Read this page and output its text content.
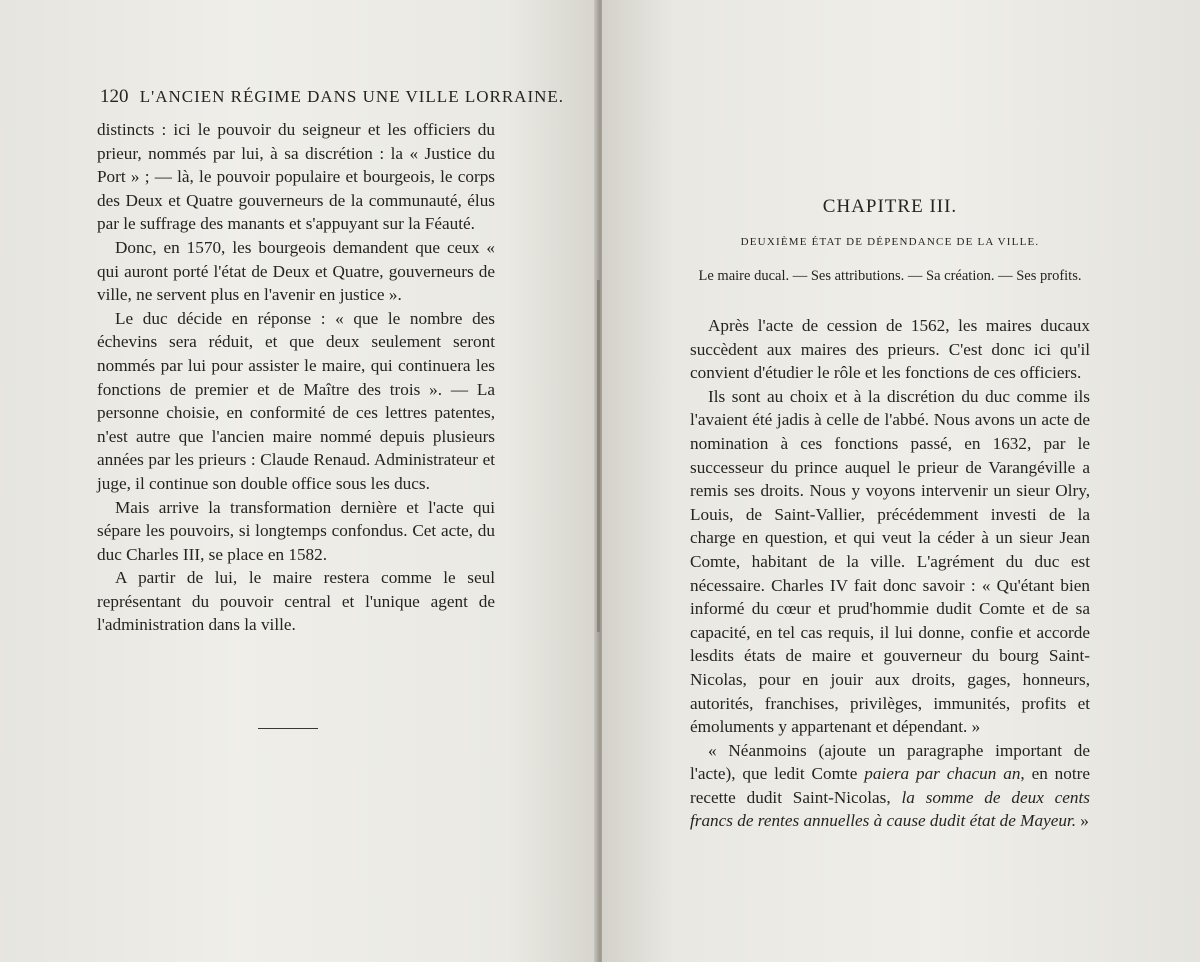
120 L'ANCIEN RÉGIME DANS UNE VILLE LORRAINE.

distincts : ici le pouvoir du seigneur et les officiers du prieur, nommés par lui, à sa discrétion : la « Justice du Port » ; — là, le pouvoir populaire et bourgeois, le corps des Deux et Quatre gouverneurs de la communauté, élus par le suffrage des manants et s'appuyant sur la Féauté.

Donc, en 1570, les bourgeois demandent que ceux « qui auront porté l'état de Deux et Quatre, gouverneurs de ville, ne servent plus en l'avenir en justice ».

Le duc décide en réponse : « que le nombre des échevins sera réduit, et que deux seulement seront nommés par lui pour assister le maire, qui continuera les fonctions de premier et de Maître des trois ». — La personne choisie, en conformité de ces lettres patentes, n'est autre que l'ancien maire nommé depuis plusieurs années par les prieurs : Claude Renaud. Administrateur et juge, il continue son double office sous les ducs.

Mais arrive la transformation dernière et l'acte qui sépare les pouvoirs, si longtemps confondus. Cet acte, du duc Charles III, se place en 1582.

A partir de lui, le maire restera comme le seul représentant du pouvoir central et l'unique agent de l'administration dans la ville.

CHAPITRE III.
DEUXIÈME ÉTAT DE DÉPENDANCE DE LA VILLE.
Le maire ducal. — Ses attributions. — Sa création. — Ses profits.

Après l'acte de cession de 1562, les maires ducaux succèdent aux maires des prieurs. C'est donc ici qu'il convient d'étudier le rôle et les fonctions de ces officiers.

Ils sont au choix et à la discrétion du duc comme ils l'avaient été jadis à celle de l'abbé. Nous avons un acte de nomination à ces fonctions passé, en 1632, par le successeur du prince auquel le prieur de Varangéville a remis ses droits. Nous y voyons intervenir un sieur Olry, Louis, de Saint-Vallier, précédemment investi de la charge en question, et qui veut la céder à un sieur Jean Comte, habitant de la ville. L'agrément du duc est nécessaire. Charles IV fait donc savoir : « Qu'étant bien informé du cœur et prud'hommie dudit Comte et de sa capacité, en tel cas requis, il lui donne, confie et accorde lesdits états de maire et gouverneur du bourg Saint-Nicolas, pour en jouir aux droits, gages, honneurs, autorités, franchises, privilèges, immunités, profits et émoluments y appartenant et dépendant. »

« Néanmoins (ajoute un paragraphe important de l'acte), que ledit Comte paiera par chacun an, en notre recette dudit Saint-Nicolas, la somme de deux cents francs de rentes annuelles à cause dudit état de Mayeur. »
